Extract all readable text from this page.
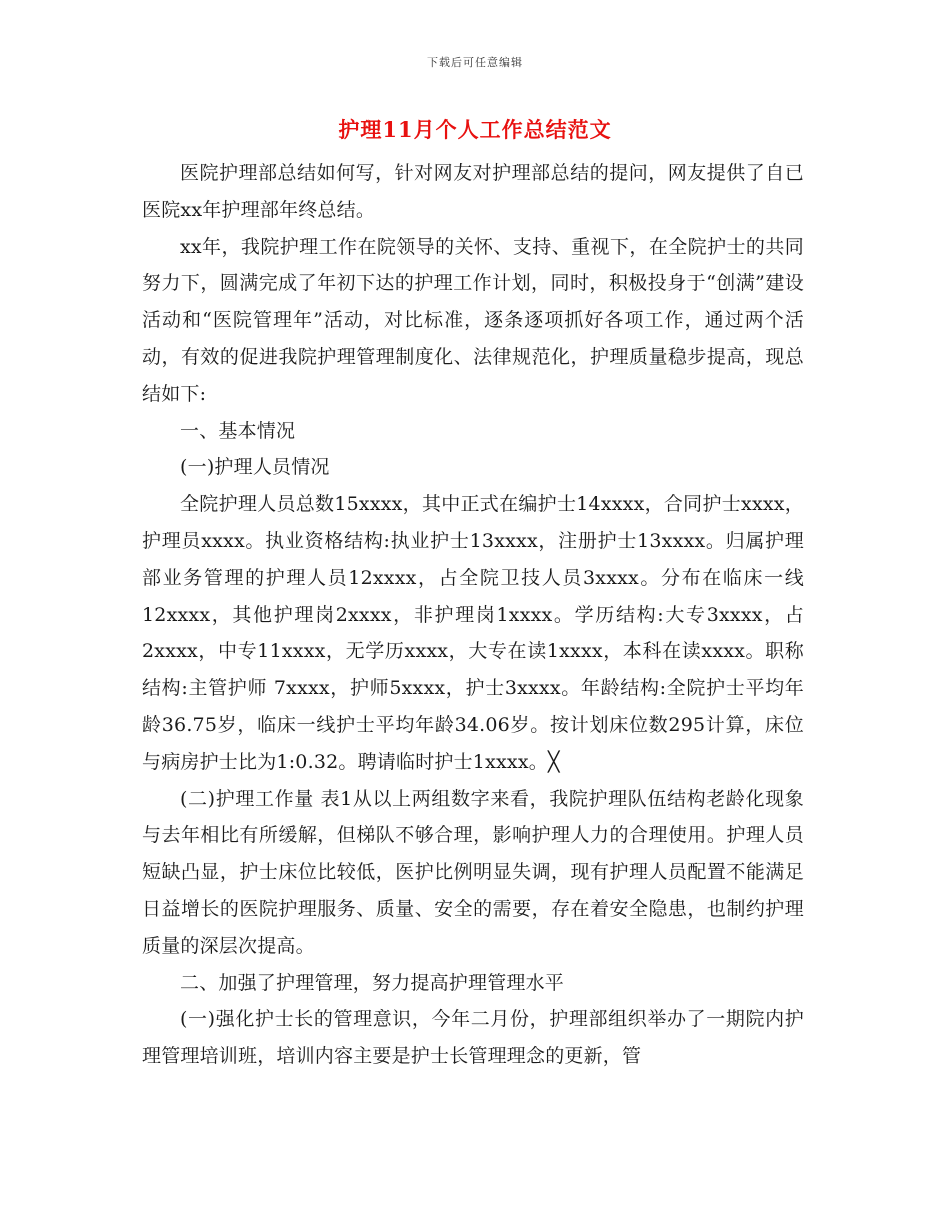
下载后可任意编辑
护理11月个人工作总结范文

医院护理部总结如何写，针对网友对护理部总结的提问，网友提供了自已医院xx年护理部年终总结。

xx年，我院护理工作在院领导的关怀、支持、重视下，在全院护士的共同努力下，圆满完成了年初下达的护理工作计划，同时，积极投身于“创满”建设活动和“医院管理年”活动，对比标准，逐条逐项抓好各项工作，通过两个活动，有效的促进我院护理管理制度化、法律规范化，护理质量稳步提高，现总结如下:

一、基本情况

(一)护理人员情况

全院护理人员总数15xxxx，其中正式在编护士14xxxx，合同护士xxxx，护理员xxxx。执业资格结构:执业护士13xxxx，注册护士13xxxx。归属护理部业务管理的护理人员12xxxx，占全院卫技人员3xxxx。分布在临床一线12xxxx，其他护理岗2xxxx，非护理岗1xxxx。学历结构:大专3xxxx，占2xxxx，中专11xxxx，无学历xxxx，大专在读1xxxx，本科在读xxxx。职称结构:主管护师 7xxxx，护师5xxxx，护士3xxxx。年龄结构:全院护士平均年龄36.75岁，临床一线护士平均年龄34.06岁。按计划床位数295计算，床位与病房护士比为1:0.32。聘请临时护士1xxxx。╳

(二)护理工作量 表1从以上两组数字来看，我院护理队伍结构老龄化现象与去年相比有所缓解，但梯队不够合理，影响护理人力的合理使用。护理人员短缺凸显，护士床位比较低，医护比例明显失调，现有护理人员配置不能满足日益增长的医院护理服务、质量、安全的需要，存在着安全隐患，也制约护理质量的深层次提高。

二、加强了护理管理，努力提高护理管理水平

(一)强化护士长的管理意识，今年二月份，护理部组织举办了一期院内护理管理培训班，培训内容主要是护士长管理理念的更新，管
